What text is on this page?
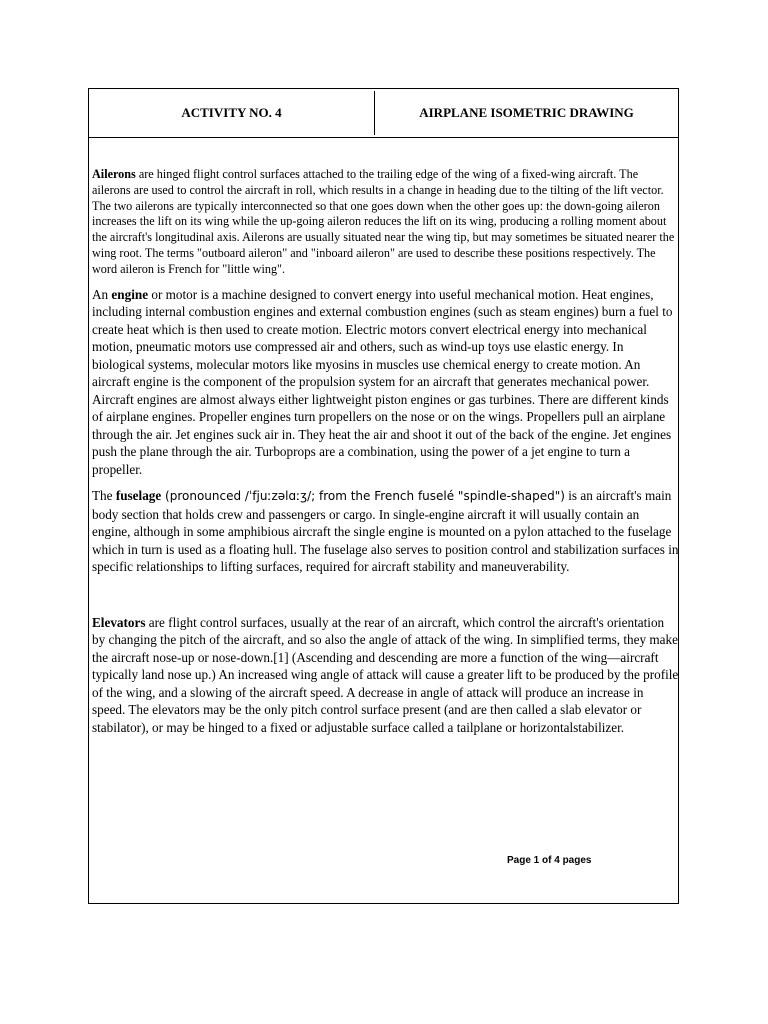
ACTIVITY NO. 4	AIRPLANE ISOMETRIC DRAWING

Ailerons are hinged flight control surfaces attached to the trailing edge of the wing of a fixed-wing aircraft. The ailerons are used to control the aircraft in roll, which results in a change in heading due to the tilting of the lift vector. The two ailerons are typically interconnected so that one goes down when the other goes up: the down-going aileron increases the lift on its wing while the up-going aileron reduces the lift on its wing, producing a rolling moment about the aircraft's longitudinal axis. Ailerons are usually situated near the wing tip, but may sometimes be situated nearer the wing root. The terms "outboard aileron" and "inboard aileron" are used to describe these positions respectively. The word aileron is French for "little wing".

An engine or motor is a machine designed to convert energy into useful mechanical motion. Heat engines, including internal combustion engines and external combustion engines (such as steam engines) burn a fuel to create heat which is then used to create motion. Electric motors convert electrical energy into mechanical motion, pneumatic motors use compressed air and others, such as wind-up toys use elastic energy. In biological systems, molecular motors like myosins in muscles use chemical energy to create motion. An aircraft engine is the component of the propulsion system for an aircraft that generates mechanical power. Aircraft engines are almost always either lightweight piston engines or gas turbines. There are different kinds of airplane engines. Propeller engines turn propellers on the nose or on the wings. Propellers pull an airplane through the air. Jet engines suck air in. They heat the air and shoot it out of the back of the engine. Jet engines push the plane through the air. Turboprops are a combination, using the power of a jet engine to turn a propeller.

The fuselage (pronounced /ˈfjuːzəlɑːʒ/; from the French fuselé "spindle-shaped") is an aircraft's main body section that holds crew and passengers or cargo. In single-engine aircraft it will usually contain an engine, although in some amphibious aircraft the single engine is mounted on a pylon attached to the fuselage which in turn is used as a floating hull. The fuselage also serves to position control and stabilization surfaces in specific relationships to lifting surfaces, required for aircraft stability and maneuverability.

Elevators are flight control surfaces, usually at the rear of an aircraft, which control the aircraft's orientation by changing the pitch of the aircraft, and so also the angle of attack of the wing. In simplified terms, they make the aircraft nose-up or nose-down.[1] (Ascending and descending are more a function of the wing—aircraft typically land nose up.) An increased wing angle of attack will cause a greater lift to be produced by the profile of the wing, and a slowing of the aircraft speed. A decrease in angle of attack will produce an increase in speed. The elevators may be the only pitch control surface present (and are then called a slab elevator or stabilator), or may be hinged to a fixed or adjustable surface called a tailplane or horizontalstabilizer.

Page 1 of 4 pages
